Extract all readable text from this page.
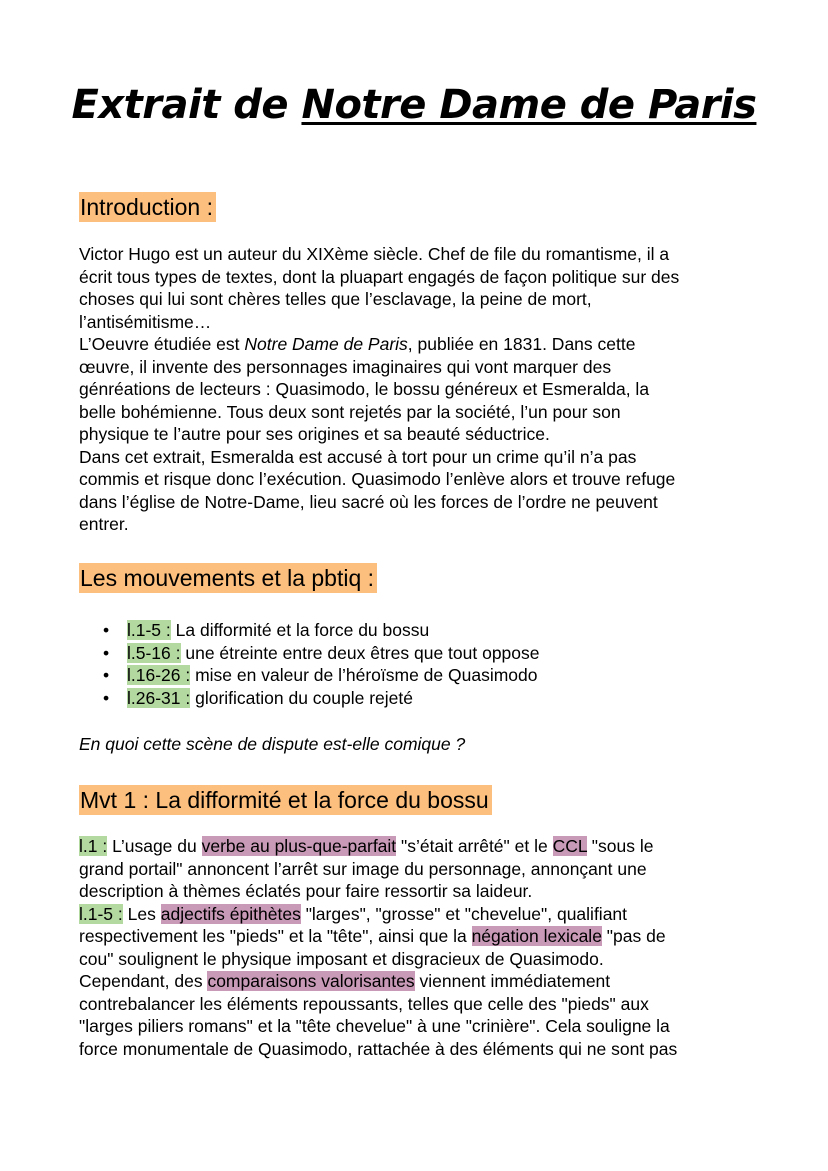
Extrait de Notre Dame de Paris
Introduction :

Victor Hugo est un auteur du XIXème siècle. Chef de file du romantisme, il a

écrit tous types de textes, dont la pluapart engagés de façon politique sur des

choses qui lui sont chères telles que l’esclavage, la peine de mort,

l’antisémitisme…

L’Oeuvre étudiée est Notre Dame de Paris, publiée en 1831. Dans cette

œuvre, il invente des personnages imaginaires qui vont marquer des

génréations de lecteurs : Quasimodo, le bossu généreux et Esmeralda, la

belle bohémienne. Tous deux sont rejetés par la société, l’un pour son

physique te l’autre pour ses origines et sa beauté séductrice.

Dans cet extrait, Esmeralda est accusé à tort pour un crime qu’il n’a pas

commis et risque donc l’exécution. Quasimodo l’enlève alors et trouve refuge

dans l’église de Notre-Dame, lieu sacré où les forces de l’ordre ne peuvent

entrer.

Les mouvements et la pbtiq :
• l.1-5 : La difformité et la force du bossu
• l.5-16 : une étreinte entre deux êtres que tout oppose
• l.16-26 : mise en valeur de l’héroïsme de Quasimodo
• l.26-31 : glorification du couple rejeté
En quoi cette scène de dispute est-elle comique ?
Mvt 1 : La difformité et la force du bossu

l.1 : L’usage du verbe au plus-que-parfait "s’était arrêté" et le CCL "sous le

grand portail" annoncent l’arrêt sur image du personnage, annonçant une

description à thèmes éclatés pour faire ressortir sa laideur.

l.1-5 : Les adjectifs épithètes "larges", "grosse" et "chevelue", qualifiant

respectivement les "pieds" et la "tête", ainsi que la négation lexicale "pas de

cou" soulignent le physique imposant et disgracieux de Quasimodo.

Cependant, des comparaisons valorisantes viennent immédiatement

contrebalancer les éléments repoussants, telles que celle des "pieds" aux

"larges piliers romans" et la "tête chevelue" à une "crinière". Cela souligne la

force monumentale de Quasimodo, rattachée à des éléments qui ne sont pas
